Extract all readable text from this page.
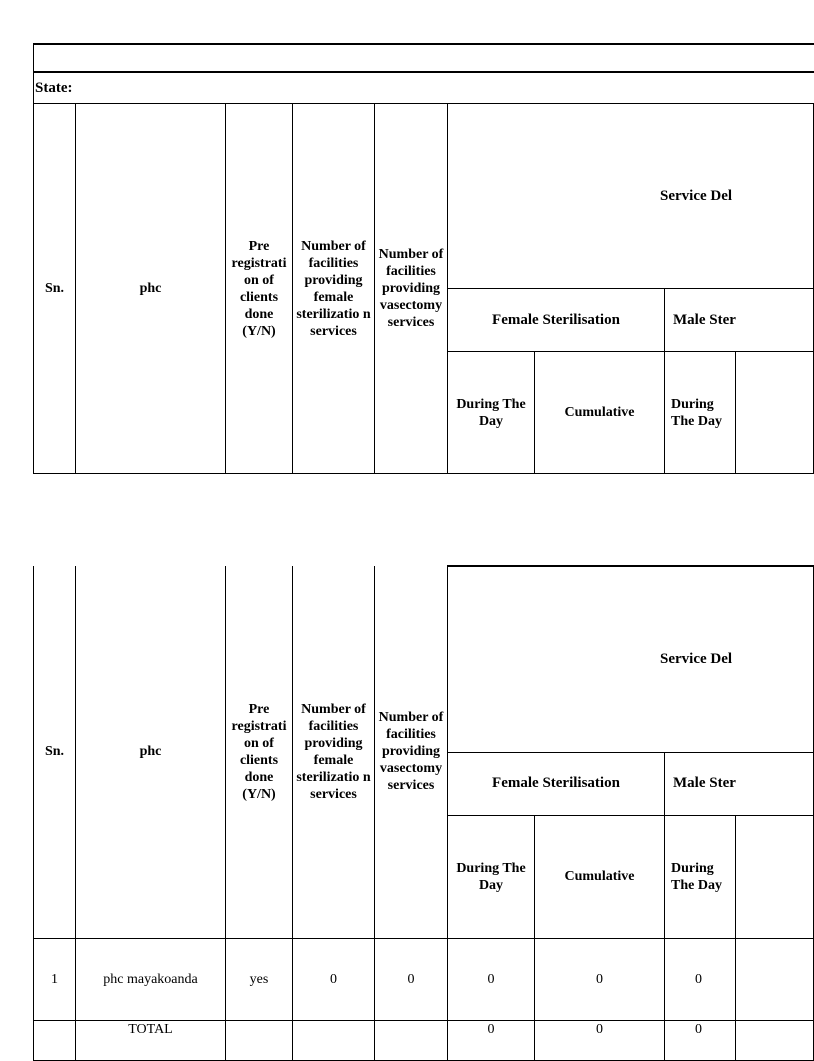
State:								
Sn.	phc	Pre registrati on of clients done (Y/N)	Number of facilities providing female sterilizatio n services	Number of facilities providing vasectomy services	Service Del			
					Female Sterilisation		Male Ster	
					During The Day	Cumulative	During The Day	
Sn.	phc	Pre registrati on of clients done (Y/N)	Number of facilities providing female sterilizatio n services	Number of facilities providing vasectomy services	Service Del			
					Female Sterilisation		Male Ster	
					During The Day	Cumulative	During The Day	
1	phc mayakoanda	yes	0	0	0	0	0	
	TOTAL				0	0	0	
